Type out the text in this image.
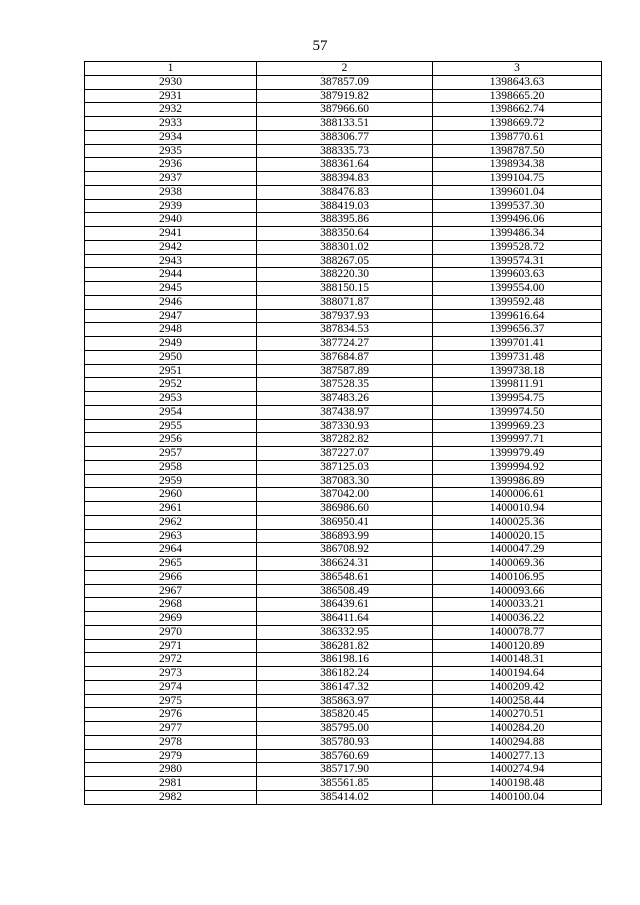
57
1	2	3
2930	387857.09	1398643.63
2931	387919.82	1398665.20
2932	387966.60	1398662.74
2933	388133.51	1398669.72
2934	388306.77	1398770.61
2935	388335.73	1398787.50
2936	388361.64	1398934.38
2937	388394.83	1399104.75
2938	388476.83	1399601.04
2939	388419.03	1399537.30
2940	388395.86	1399496.06
2941	388350.64	1399486.34
2942	388301.02	1399528.72
2943	388267.05	1399574.31
2944	388220.30	1399603.63
2945	388150.15	1399554.00
2946	388071.87	1399592.48
2947	387937.93	1399616.64
2948	387834.53	1399656.37
2949	387724.27	1399701.41
2950	387684.87	1399731.48
2951	387587.89	1399738.18
2952	387528.35	1399811.91
2953	387483.26	1399954.75
2954	387438.97	1399974.50
2955	387330.93	1399969.23
2956	387282.82	1399997.71
2957	387227.07	1399979.49
2958	387125.03	1399994.92
2959	387083.30	1399986.89
2960	387042.00	1400006.61
2961	386986.60	1400010.94
2962	386950.41	1400025.36
2963	386893.99	1400020.15
2964	386708.92	1400047.29
2965	386624.31	1400069.36
2966	386548.61	1400106.95
2967	386508.49	1400093.66
2968	386439.61	1400033.21
2969	386411.64	1400036.22
2970	386332.95	1400078.77
2971	386281.82	1400120.89
2972	386198.16	1400148.31
2973	386182.24	1400194.64
2974	386147.32	1400209.42
2975	385863.97	1400258.44
2976	385820.45	1400270.51
2977	385795.00	1400284.20
2978	385780.93	1400294.88
2979	385760.69	1400277.13
2980	385717.90	1400274.94
2981	385561.85	1400198.48
2982	385414.02	1400100.04
